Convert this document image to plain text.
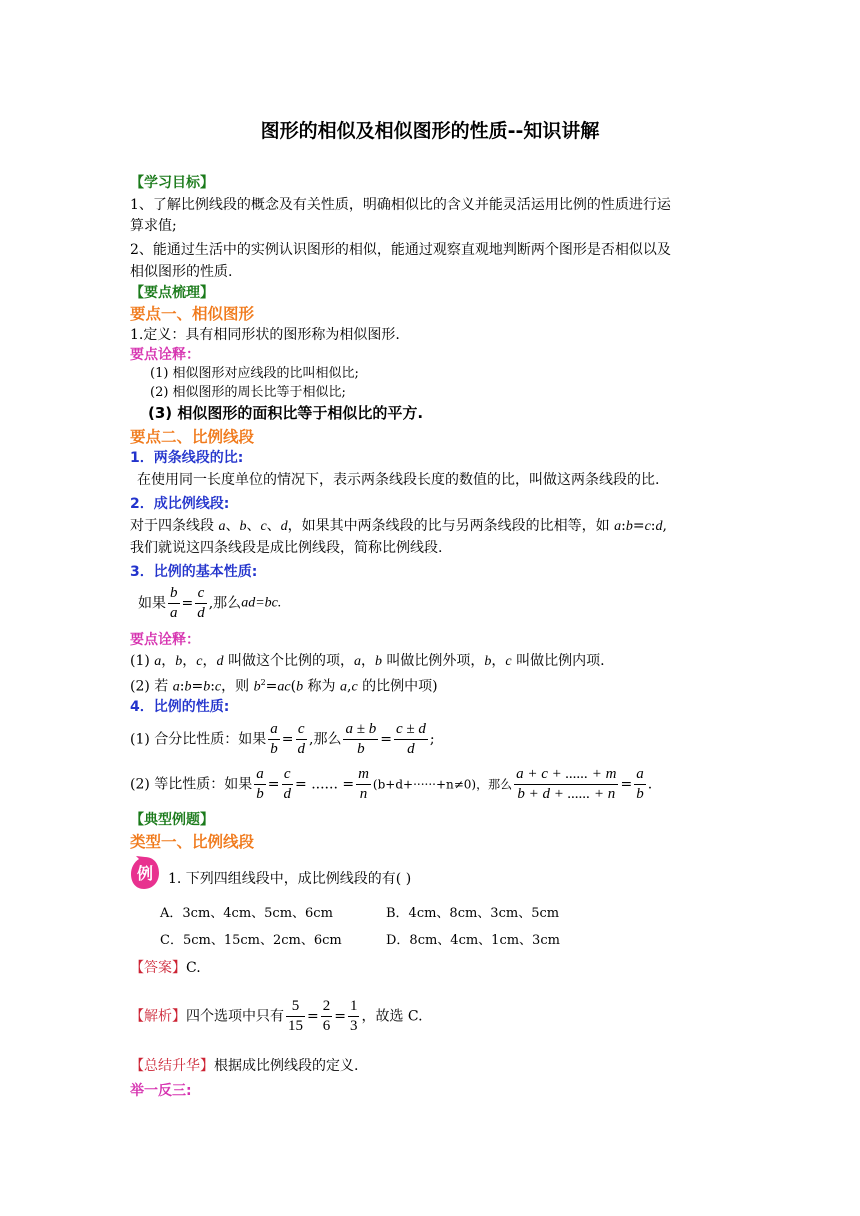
图形的相似及相似图形的性质--知识讲解
【学习目标】
1、了解比例线段的概念及有关性质，明确相似比的含义并能灵活运用比例的性质进行运
算求值;
2、能通过生活中的实例认识图形的相似，能通过观察直观地判断两个图形是否相似以及
相似图形的性质.
【要点梳理】
要点一、相似图形
1.定义：具有相同形状的图形称为相似图形.
要点诠释：
(1) 相似图形对应线段的比叫相似比;
(2) 相似图形的周长比等于相似比;
(3) 相似图形的面积比等于相似比的平方.
要点二、比例线段
1．两条线段的比:
在使用同一长度单位的情况下，表示两条线段长度的数值的比，叫做这两条线段的比.
2．成比例线段:
对于四条线段 a、b、c、d，如果其中两条线段的比与另两条线段的比相等，如 a:b=c:d,
我们就说这四条线段是成比例线段，简称比例线段.
3．比例的基本性质:
如果 $\frac{b}{a} = \frac{c}{d}$ ,那么ad=bc.
要点诠释：
(1) a，b，c，d 叫做这个比例的项，a，b 叫做比例外项，b，c 叫做比例内项.
(2) 若 a:b=b:c，则 $b^2=ac(b$ 称为 a,c 的比例中项)
4．比例的性质:
(1) 合分比性质：如果 $\frac{a}{b} = \frac{c}{d}$ ,那么 $\frac{a \pm b}{b} = \frac{c \pm d}{d}$ ;
(2) 等比性质：如果 $\frac{a}{b} = \frac{c}{d}$ = ...... = $\frac{m}{n} (b+d+\cdot\cdot\cdot\cdot\cdot\cdot+n\ne 0)$，那么 $\frac{a + c + ...... + m}{b + d + ...... + n} = \frac{a}{b}$ .
【典型例题】
类型一、比例线段
例 1. 下列四组线段中，成比例线段的有( )
A．3cm、4cm、5cm、6cm	B．4cm、8cm、3cm、5cm
C．5cm、15cm、2cm、6cm	D．8cm、4cm、1cm、3cm
【答案】C.
【解析】四个选项中只有 $\frac{5}{15} = \frac{2}{6} = \frac{1}{3}$ ，故选 C.
【总结升华】根据成比例线段的定义.
举一反三:
